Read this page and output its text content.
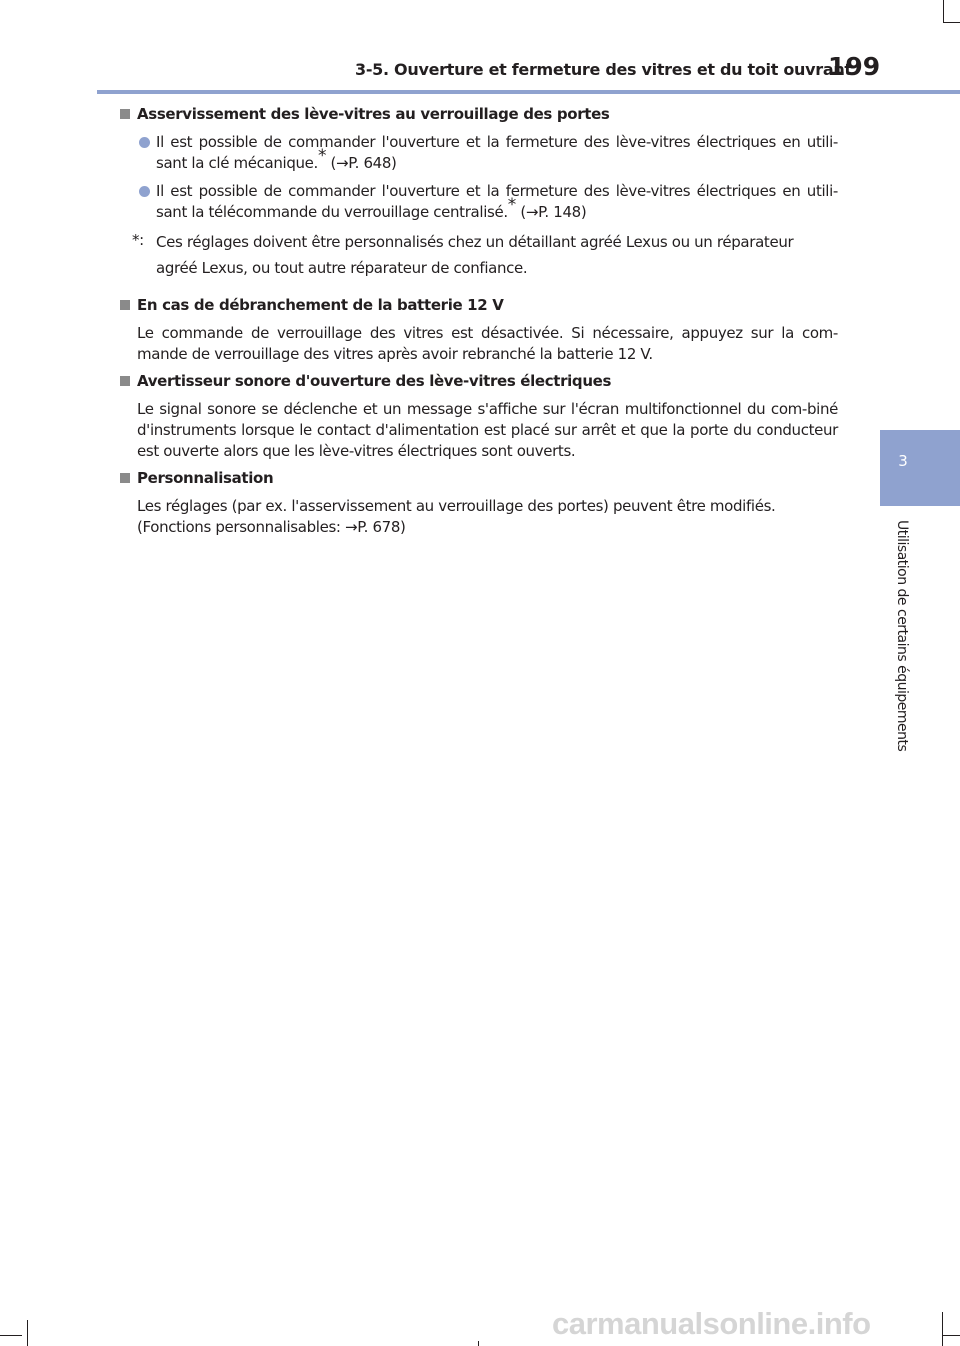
3-5. Ouverture et fermeture des vitres et du toit ouvrant
199
3
Utilisation de certains équipements
Asservissement des lève-vitres au verrouillage des portes
Il est possible de commander l'ouverture et la fermeture des lève-vitres électriques en utili-sant la clé mécanique.* (→P. 648)
Il est possible de commander l'ouverture et la fermeture des lève-vitres électriques en utili-sant la télécommande du verrouillage centralisé.* (→P. 148)
*: Ces réglages doivent être personnalisés chez un détaillant agréé Lexus ou un réparateur agréé Lexus, ou tout autre réparateur de confiance.
En cas de débranchement de la batterie 12 V
Le commande de verrouillage des vitres est désactivée. Si nécessaire, appuyez sur la com-mande de verrouillage des vitres après avoir rebranché la batterie 12 V.
Avertisseur sonore d'ouverture des lève-vitres électriques
Le signal sonore se déclenche et un message s'affiche sur l'écran multifonctionnel du com-biné d'instruments lorsque le contact d'alimentation est placé sur arrêt et que la porte du conducteur est ouverte alors que les lève-vitres électriques sont ouverts.
Personnalisation
Les réglages (par ex. l'asservissement au verrouillage des portes) peuvent être modifiés.
(Fonctions personnalisables: →P. 678)
carmanualsonline.info
